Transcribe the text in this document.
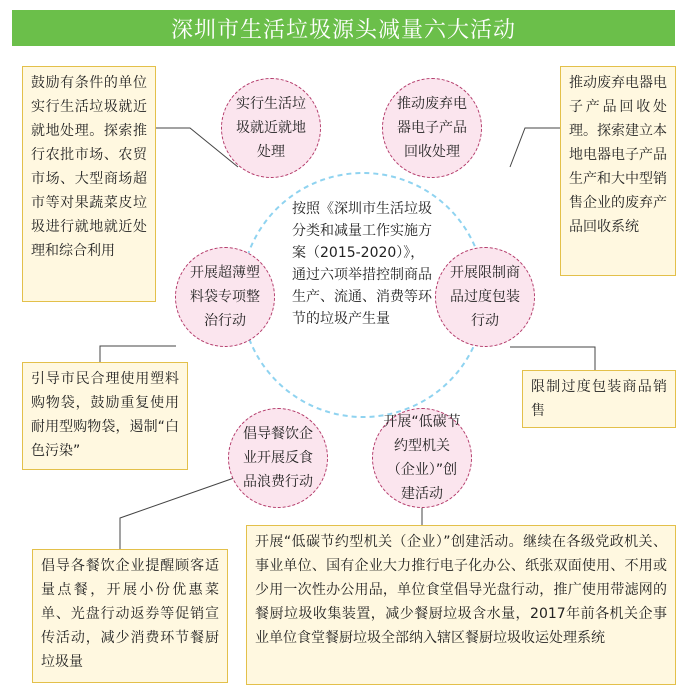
深圳市生活垃圾源头减量六大活动
实行生活垃圾就近就地处理
推动废弃电器电子产品回收处理
开展超薄塑料袋专项整治行动
开展限制商品过度包装行动
倡导餐饮企业开展反食品浪费行动
开展“低碳节约型机关（企业）”创建活动
按照《深圳市生活垃圾分类和减量工作实施方案（2015-2020）》，通过六项举措控制商品生产、流通、消费等环节的垃圾产生量
鼓励有条件的单位实行生活垃圾就近就地处理。探索推行农批市场、农贸市场、大型商场超市等对果蔬菜皮垃圾进行就地就近处理和综合利用
推动废弃电器电子产品回收处理。探索建立本地电器电子产品生产和大中型销售企业的废弃产品回收系统
引导市民合理使用塑料购物袋，鼓励重复使用耐用型购物袋，遏制“白色污染”
限制过度包装商品销售
倡导各餐饮企业提醒顾客适量点餐，开展小份优惠菜单、光盘行动返券等促销宣传活动，减少消费环节餐厨垃圾量
开展“低碳节约型机关（企业）”创建活动。继续在各级党政机关、事业单位、国有企业大力推行电子化办公、纸张双面使用、不用或少用一次性办公用品，单位食堂倡导光盘行动，推广使用带滤网的餐厨垃圾收集装置，减少餐厨垃圾含水量，2017年前各机关企事业单位食堂餐厨垃圾全部纳入辖区餐厨垃圾收运处理系统
